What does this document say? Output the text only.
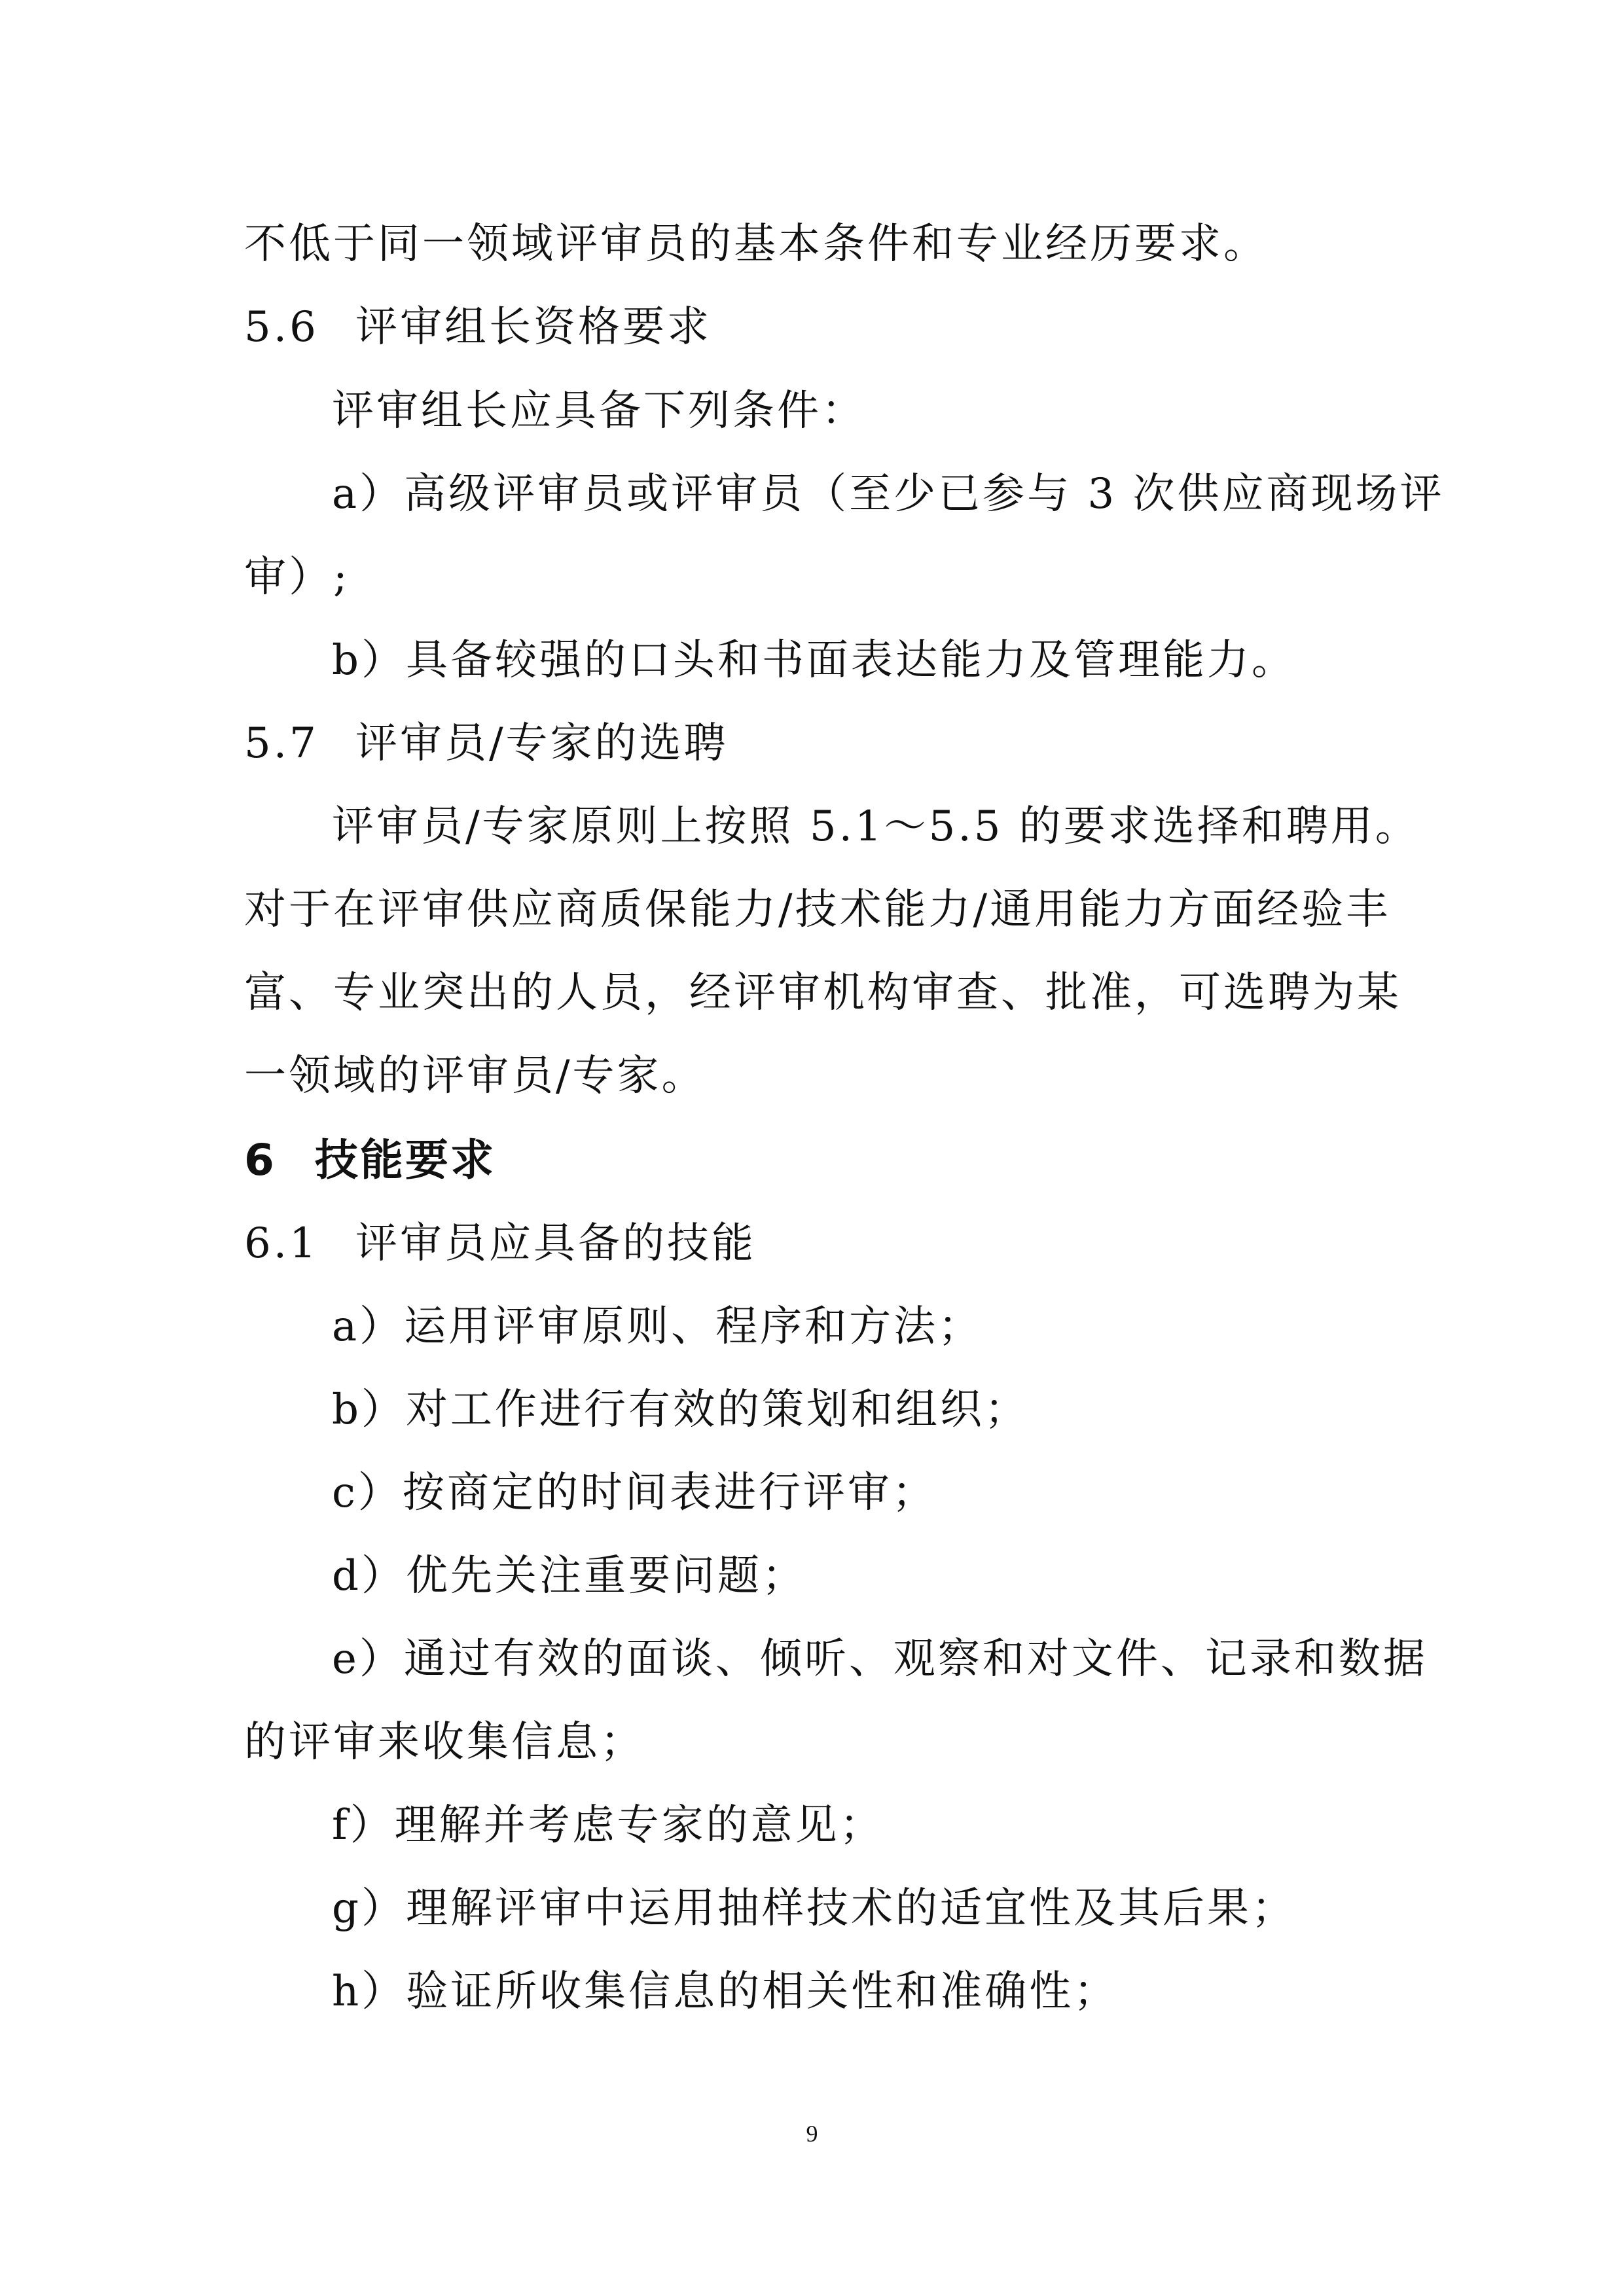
不低于同一领域评审员的基本条件和专业经历要求。
5.6 评审组长资格要求
评审组长应具备下列条件：
a）高级评审员或评审员（至少已参与 3 次供应商现场评
审）;
b）具备较强的口头和书面表达能力及管理能力。
5.7 评审员/专家的选聘
评审员/专家原则上按照 5.1～5.5 的要求选择和聘用。
对于在评审供应商质保能力/技术能力/通用能力方面经验丰
富、专业突出的人员，经评审机构审查、批准，可选聘为某
一领域的评审员/专家。
6 技能要求
6.1 评审员应具备的技能
a）运用评审原则、程序和方法；
b）对工作进行有效的策划和组织；
c）按商定的时间表进行评审；
d）优先关注重要问题；
e）通过有效的面谈、倾听、观察和对文件、记录和数据
的评审来收集信息；
f）理解并考虑专家的意见；
g）理解评审中运用抽样技术的适宜性及其后果；
h）验证所收集信息的相关性和准确性；
9
